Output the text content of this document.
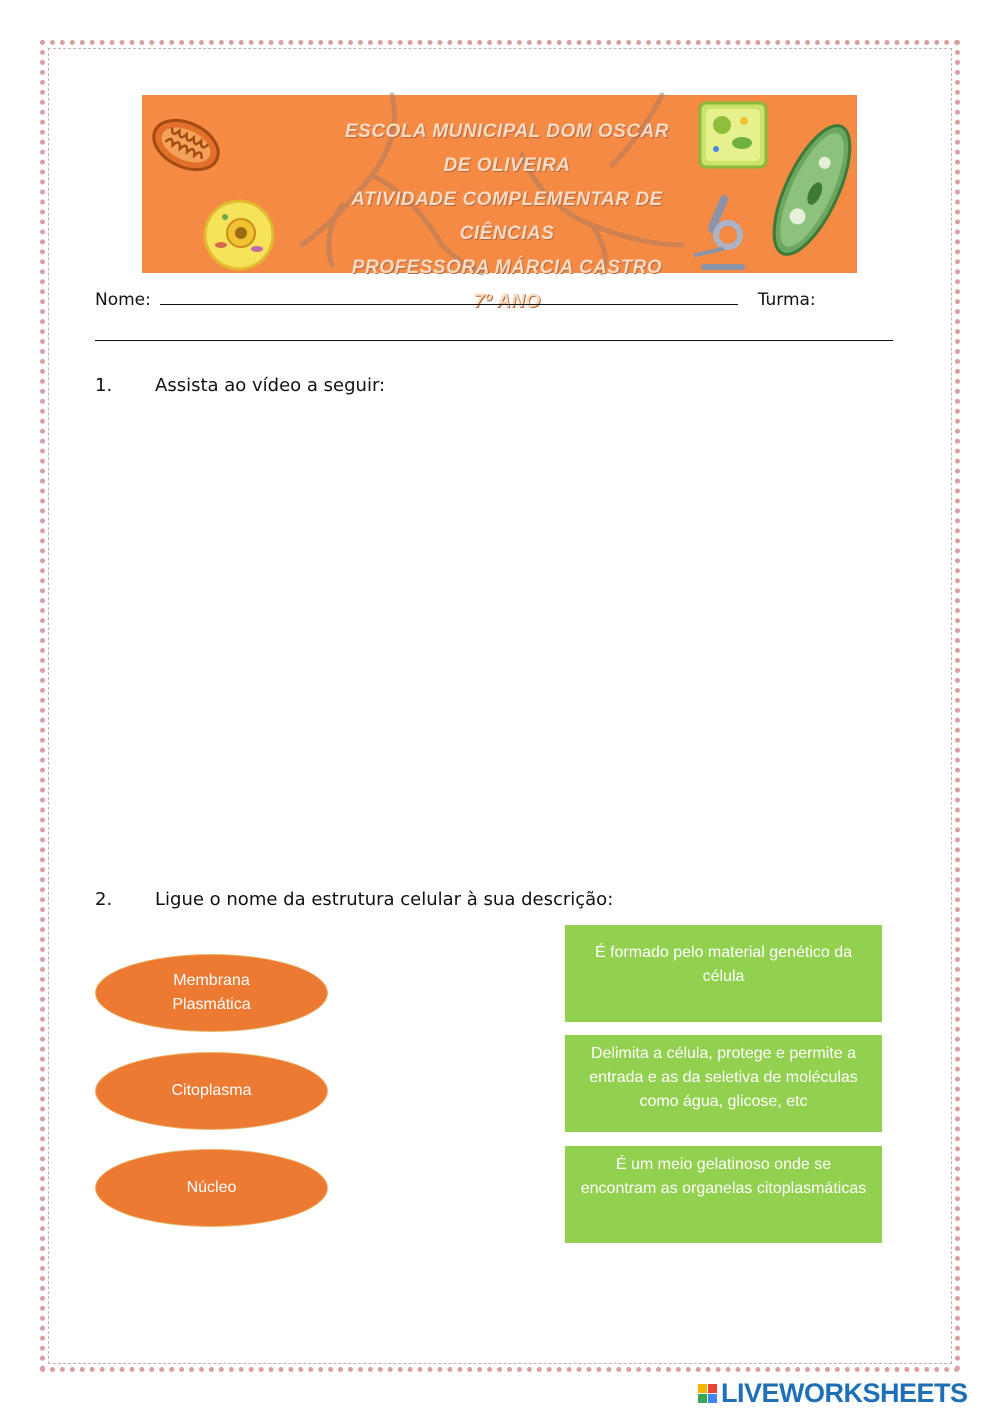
ESCOLA MUNICIPAL DOM OSCAR DE OLIVEIRA
ATIVIDADE COMPLEMENTAR DE CIÊNCIAS
PROFESSORA MÁRCIA CASTRO
7º ANO
Nome:	Turma:
1. Assista ao vídeo a seguir:
2. Ligue o nome da estrutura celular à sua descrição:
Membrana Plasmática
Citoplasma
Núcleo
É formado pelo material genético da célula
Delimita a célula, protege e permite a entrada e as da seletiva de moléculas como água, glicose, etc
É um meio gelatinoso onde se encontram as organelas citoplasmáticas
LIVEWORKSHEETS
